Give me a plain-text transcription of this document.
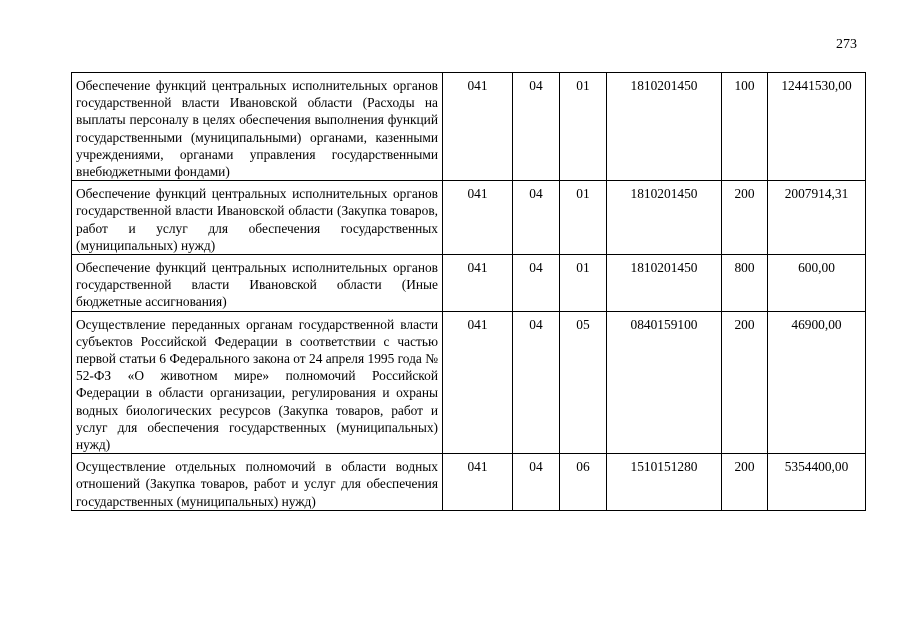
273
Обеспечение функций центральных исполнительных органов государственной власти Ивановской области (Расходы на выплаты персоналу в целях обеспечения выполнения функций государственными (муниципальными) органами, казенными учреждениями, органами управления государственными внебюджетными фондами)	041	04	01	1810201450	100	12441530,00
Обеспечение функций центральных исполнительных органов государственной власти Ивановской области (Закупка товаров, работ и услуг для обеспечения государственных (муниципальных) нужд)	041	04	01	1810201450	200	2007914,31
Обеспечение функций центральных исполнительных органов государственной власти Ивановской области (Иные бюджетные ассигнования)	041	04	01	1810201450	800	600,00
Осуществление переданных органам государственной власти субъектов Российской Федерации в соответствии с частью первой статьи 6 Федерального закона от 24 апреля 1995 года № 52-ФЗ «О животном мире» полномочий Российской Федерации в области организации, регулирования и охраны водных биологических ресурсов (Закупка товаров, работ и услуг для обеспечения государственных (муниципальных) нужд)	041	04	05	0840159100	200	46900,00
Осуществление отдельных полномочий в области водных отношений (Закупка товаров, работ и услуг для обеспечения государственных (муниципальных) нужд)	041	04	06	1510151280	200	5354400,00
